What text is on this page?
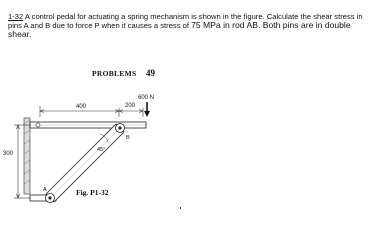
1-32 A control pedal for actuating a spring mechanism is shown in the figure. Calculate the shear stress in pins A and B due to force P when it causes a stress of 75 MPa in rod AB. Both pins are in double shear.
PROBLEMS 49
400	200
600 N
300
45°
B
A	Fig. P1-32
